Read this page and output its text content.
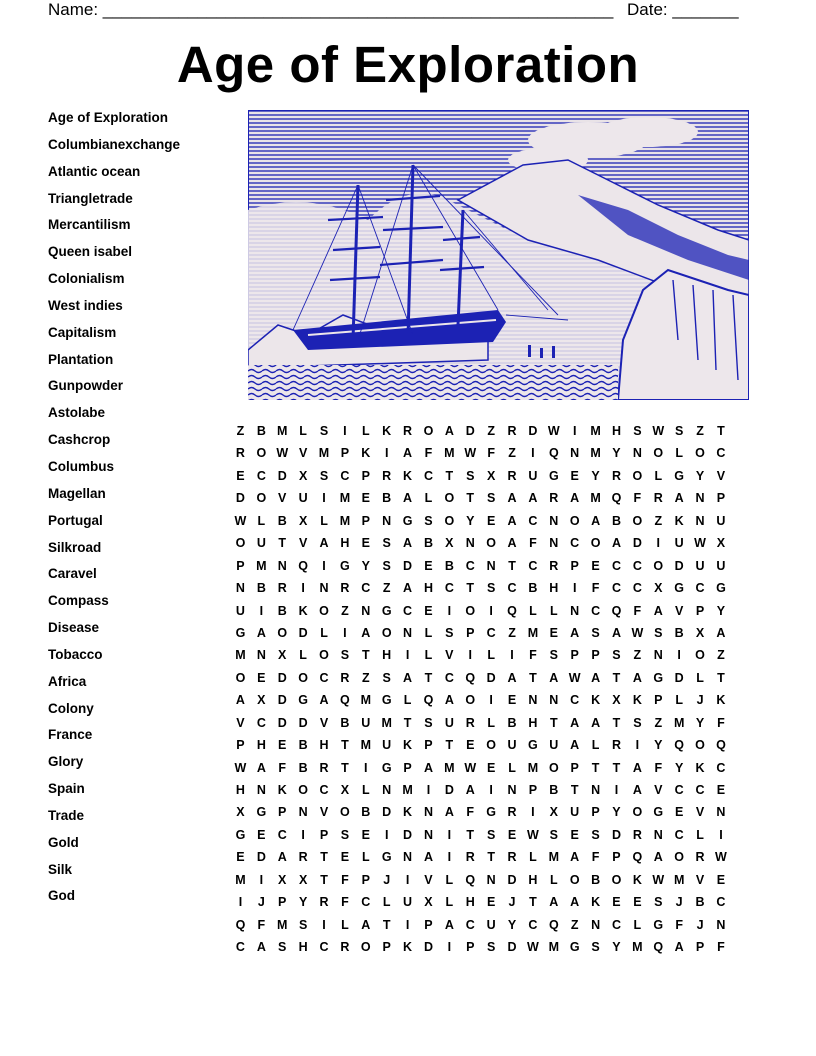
Name: ______________________________________________________ Date: _______
Age of Exploration
Age of Exploration
Columbianexchange
Atlantic ocean
Triangletrade
Mercantilism
Queen isabel
Colonialism
West indies
Capitalism
Plantation
Gunpowder
Astolabe
Cashcrop
Columbus
Magellan
Portugal
Silkroad
Caravel
Compass
Disease
Tobacco
Africa
Colony
France
Glory
Spain
Trade
Gold
Silk
God
Z	B M L	S	I	L	K R O A D	Z	R D W	I	M H S W S	Z	T
R O W V M P K	I	A	F M W F	Z	I	Q N M Y N O L O C
E C D X	S C P R K C	T	S	X R U G E	Y R O L G Y	V
D O V U	I	M E B A	L O T	S A A R A M Q F	R A N P
W L	B X	L M P N G S O Y	E A C N O A B O Z	K N U
O U	T	V A H E	S A B X N O A	F	N C O A D	I	U W X
P M N Q	I	G Y	S D E B C N	T	C R P	E C C O D U U
N B R	I	N R C	Z	A H C	T	S C B H	I	F	C C X G C G
U	I	B K O Z	N G C E	I	O	I	Q L	L	N C Q F	A V	P	Y
G A O D	L	I	A O N	L	S	P C	Z M E A S A W S B X A
M N X	L O S	T	H	I	L	V	I	L	I	F	S	P	P	S	Z	N	I	O Z
O E D O C R	Z	S A	T	C Q D A	T	A W A	T	A G D	L	T
A X D G A Q M G L Q A O	I	E N N C K X K P	L	J	K
V C D D V B U M T	S U R	L	B H	T	A A	T	S	Z M Y	F
P H E B H	T M U K P	T	E O U G U A	L	R	I	Y Q O Q
W A	F	B R	T	I	G P A M W E	L M O P	T	T	A	F	Y K C
H N K O C X	L	N M	I	D A	I	N P B	T	N	I	A V C C E
X G P N V O B D K N A	F G R	I	X U P	Y O G E	V N
G E C	I	P	S	E	I	D N	I	T	S	E W S	E	S D R N C	L	I
E D A R	T	E	L G N A	I	R	T	R	L M A	F	P Q A O R W
M	I	X	X	T	F	P	J	I	V	L Q N D H	L O B O K W M V	E
I	J	P	Y R	F	C	L	U X	L	H E	J	T	A A K E	E	S	J	B C
Q F M S	I	L	A	T	I	P A C U Y C Q Z	N C	L G F	J	N
C A S H C R O P K D	I	P	S D W M G S	Y M Q A P	F
